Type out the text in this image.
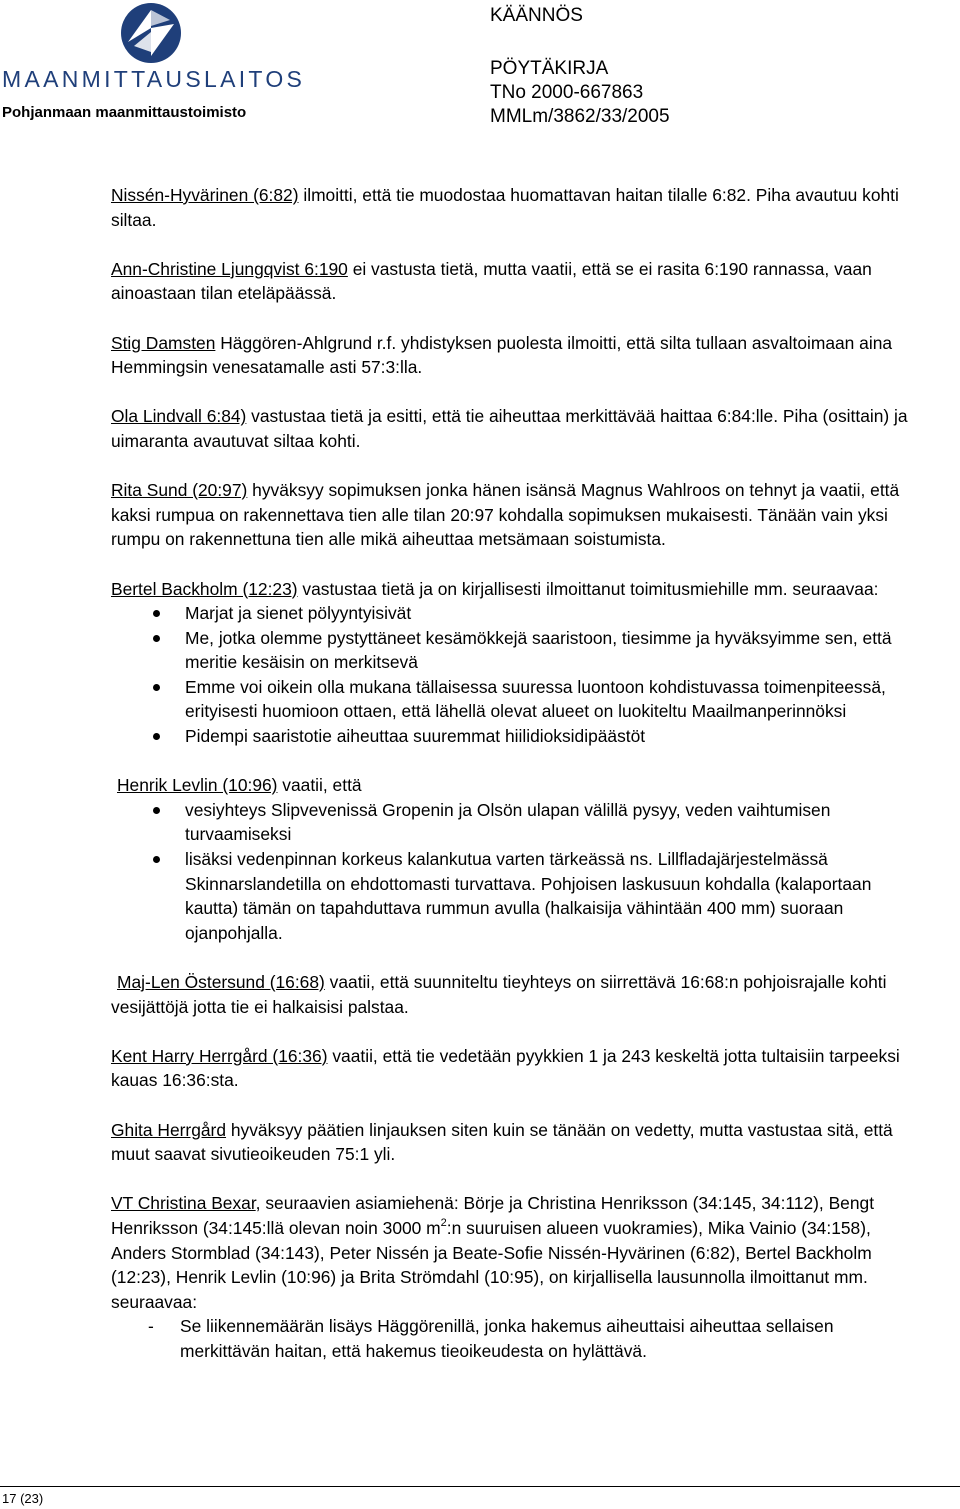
MAANMITTAUSLAITOS
Pohjanmaan maanmittaustoimisto
KÄÄNNÖS
PÖYTÄKIRJA
TNo 2000-667863
MMLm/3862/33/2005
Nissén-Hyvärinen (6:82) ilmoitti, että tie muodostaa huomattavan haitan tilalle 6:82. Piha avautuu kohti siltaa.
Ann-Christine Ljungqvist 6:190 ei vastusta tietä, mutta vaatii, että se ei rasita 6:190 rannassa, vaan ainoastaan tilan eteläpäässä.
Stig Damsten Häggören-Ahlgrund r.f. yhdistyksen puolesta ilmoitti, että silta tullaan asvaltoimaan aina Hemmingsin venesatamalle asti 57:3:lla.
Ola Lindvall 6:84) vastustaa tietä ja esitti, että tie aiheuttaa merkittävää haittaa 6:84:lle. Piha (osittain) ja uimaranta avautuvat siltaa kohti.
Rita Sund (20:97) hyväksyy sopimuksen jonka hänen isänsä Magnus Wahlroos on tehnyt ja vaatii, että kaksi rumpua on rakennettava tien alle tilan 20:97 kohdalla sopimuksen mukaisesti. Tänään vain yksi rumpu on rakennettuna tien alle mikä aiheuttaa metsämaan soistumista.
Bertel Backholm (12:23) vastustaa tietä ja on kirjallisesti ilmoittanut toimitusmiehille mm. seuraavaa:
Marjat ja sienet pölyyntyisivät
Me, jotka olemme pystyttäneet kesämökkejä saaristoon, tiesimme ja hyväksyimme sen, että meritie kesäisin on merkitsevä
Emme voi oikein olla mukana tällaisessa suuressa luontoon kohdistuvassa toimenpiteessä, erityisesti huomioon ottaen, että lähellä olevat alueet on luokiteltu Maailmanperinnöksi
Pidempi saaristotie aiheuttaa suuremmat hiilidioksidipäästöt
Henrik Levlin (10:96) vaatii, että
vesiyhteys Slipvevenissä Gropenin ja Olsön ulapan välillä pysyy, veden vaihtumisen turvaamiseksi
lisäksi vedenpinnan korkeus kalankutua varten tärkeässä ns. Lillfladajärjestelmässä Skinnarslandetilla on ehdottomasti turvattava. Pohjoisen laskusuun kohdalla (kalaportaan kautta) tämän on tapahduttava rummun avulla (halkaisija vähintään 400 mm) suoraan ojanpohjalla.
Maj-Len Östersund (16:68) vaatii, että suunniteltu tieyhteys on siirrettävä 16:68:n pohjoisrajalle kohti vesijättöjä jotta tie ei halkaisisi palstaa.
Kent Harry Herrgård (16:36) vaatii, että tie vedetään pyykkien 1 ja 243 keskeltä jotta tultaisiin tarpeeksi kauas 16:36:sta.
Ghita Herrgård hyväksyy päätien linjauksen siten kuin se tänään on vedetty, mutta vastustaa sitä, että muut saavat sivutieoikeuden 75:1 yli.
VT Christina Bexar, seuraavien asiamiehenä: Börje ja Christina Henriksson (34:145, 34:112), Bengt Henriksson (34:145:llä olevan noin 3000 $m^2:n$ suuruisen alueen vuokramies), Mika Vainio (34:158), Anders Stormblad (34:143), Peter Nissén ja Beate-Sofie Nissén-Hyvärinen (6:82), Bertel Backholm (12:23), Henrik Levlin (10:96) ja Brita Strömdahl (10:95), on kirjallisella lausunnolla ilmoittanut mm. seuraavaa:
- Se liikennemäärän lisäys Häggörenillä, jonka hakemus aiheuttaisi aiheuttaa sellaisen merkittävän haitan, että hakemus tieoikeudesta on hylättävä.
17 (23)
